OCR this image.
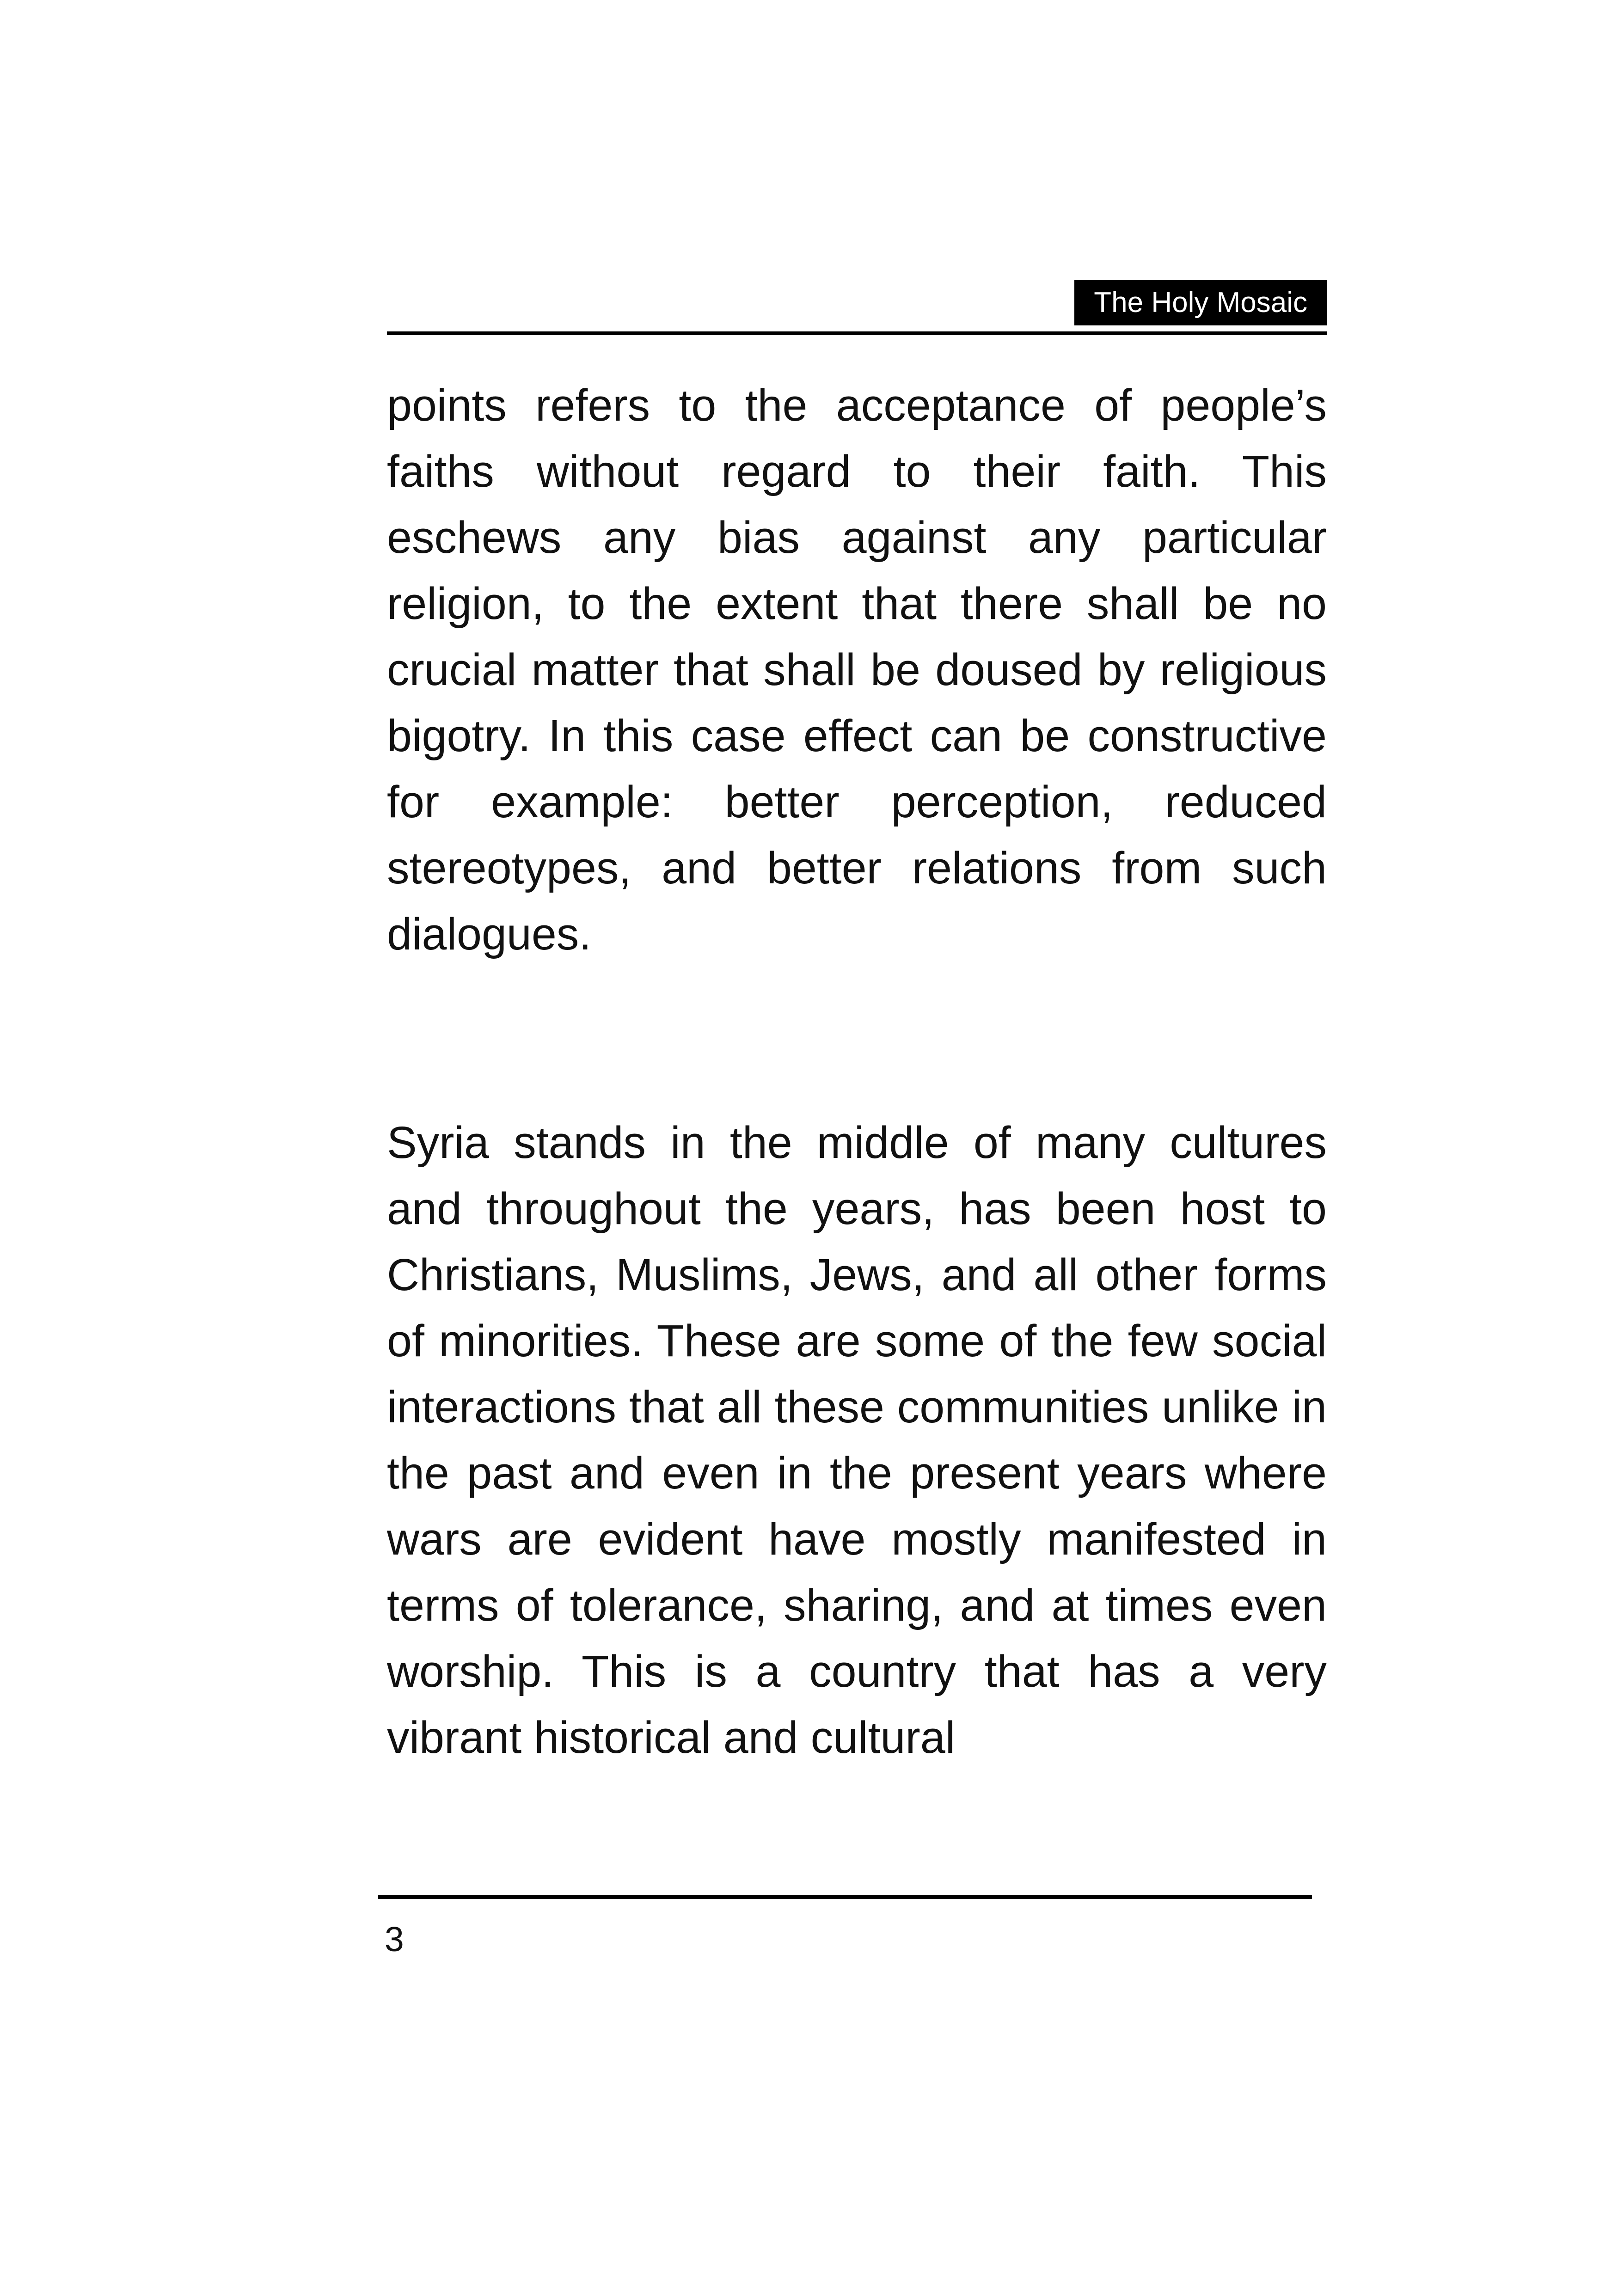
The Holy Mosaic

points refers to the acceptance of people’s faiths without regard to their faith. This eschews any bias against any particular religion, to the extent that there shall be no crucial matter that shall be doused by religious bigotry. In this case effect can be constructive for example: better perception, reduced stereotypes, and better relations from such dialogues.

Syria stands in the middle of many cultures and throughout the years, has been host to Christians, Muslims, Jews, and all other forms of minorities. These are some of the few social interactions that all these communities unlike in the past and even in the present years where wars are evident have mostly manifested in terms of tolerance, sharing, and at times even worship. This is a country that has a very vibrant historical and cultural

3
